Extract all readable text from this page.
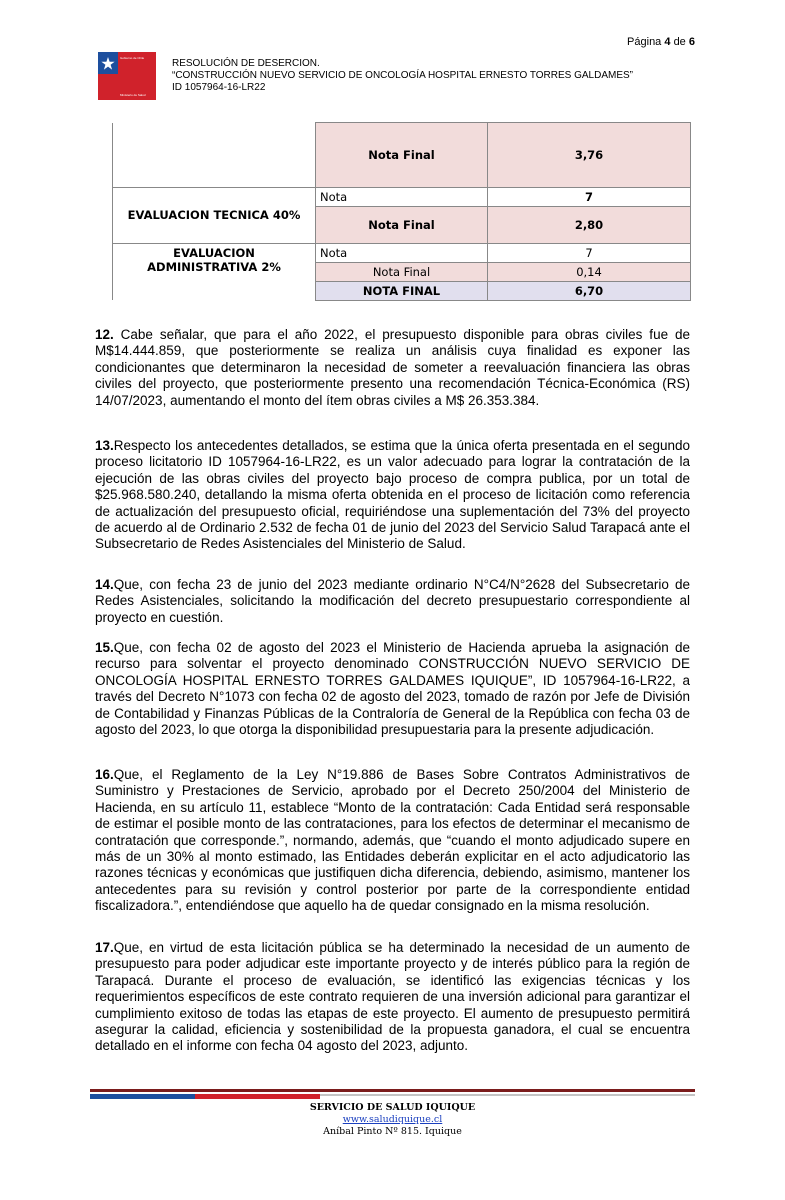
Página 4 de 6
Gobierno de Chile
Ministerio de Salud
RESOLUCIÓN DE DESERCION.
“CONSTRUCCIÓN NUEVO SERVICIO DE ONCOLOGÍA HOSPITAL ERNESTO TORRES GALDAMES”
ID 1057964-16-LR22
	Nota Final	3,76
EVALUACION TECNICA 40%	Nota	7
	Nota Final	2,80
EVALUACION ADMINISTRATIVA 2%	Nota	7
	Nota Final	0,14
	NOTA FINAL	6,70
12. Cabe señalar, que para el año 2022, el presupuesto disponible para obras civiles fue de M$14.444.859, que posteriormente se realiza un análisis cuya finalidad es exponer las condicionantes que determinaron la necesidad de someter a reevaluación financiera las obras civiles del proyecto, que posteriormente presento una recomendación Técnica-Económica (RS) 14/07/2023, aumentando el monto del ítem obras civiles a M$ 26.353.384.
13.Respecto los antecedentes detallados, se estima que la única oferta presentada en el segundo proceso licitatorio ID 1057964-16-LR22, es un valor adecuado para lograr la contratación de la ejecución de las obras civiles del proyecto bajo proceso de compra publica, por un total de $25.968.580.240, detallando la misma oferta obtenida en el proceso de licitación como referencia de actualización del presupuesto oficial, requiriéndose una suplementación del 73% del proyecto de acuerdo al de Ordinario 2.532 de fecha 01 de junio del 2023 del Servicio Salud Tarapacá ante el Subsecretario de Redes Asistenciales del Ministerio de Salud.
14.Que, con fecha 23 de junio del 2023 mediante ordinario N°C4/N°2628 del Subsecretario de Redes Asistenciales, solicitando la modificación del decreto presupuestario correspondiente al proyecto en cuestión.
15.Que, con fecha 02 de agosto del 2023 el Ministerio de Hacienda aprueba la asignación de recurso para solventar el proyecto denominado CONSTRUCCIÓN NUEVO SERVICIO DE ONCOLOGÍA HOSPITAL ERNESTO TORRES GALDAMES IQUIQUE”, ID 1057964-16-LR22, a través del Decreto N°1073 con fecha 02 de agosto del 2023, tomado de razón por Jefe de División de Contabilidad y Finanzas Públicas de la Contraloría de General de la República con fecha 03 de agosto del 2023, lo que otorga la disponibilidad presupuestaria para la presente adjudicación.
16.Que, el Reglamento de la Ley N°19.886 de Bases Sobre Contratos Administrativos de Suministro y Prestaciones de Servicio, aprobado por el Decreto 250/2004 del Ministerio de Hacienda, en su artículo 11, establece “Monto de la contratación: Cada Entidad será responsable de estimar el posible monto de las contrataciones, para los efectos de determinar el mecanismo de contratación que corresponde.”, normando, además, que “cuando el monto adjudicado supere en más de un 30% al monto estimado, las Entidades deberán explicitar en el acto adjudicatorio las razones técnicas y económicas que justifiquen dicha diferencia, debiendo, asimismo, mantener los antecedentes para su revisión y control posterior por parte de la correspondiente entidad fiscalizadora.”, entendiéndose que aquello ha de quedar consignado en la misma resolución.
17.Que, en virtud de esta licitación pública se ha determinado la necesidad de un aumento de presupuesto para poder adjudicar este importante proyecto y de interés público para la región de Tarapacá. Durante el proceso de evaluación, se identificó las exigencias técnicas y los requerimientos específicos de este contrato requieren de una inversión adicional para garantizar el cumplimiento exitoso de todas las etapas de este proyecto. El aumento de presupuesto permitirá asegurar la calidad, eficiencia y sostenibilidad de la propuesta ganadora, el cual se encuentra detallado en el informe con fecha 04 agosto del 2023, adjunto.
SERVICIO DE SALUD IQUIQUE
www.saludiquique.cl
Aníbal Pinto Nº 815. Iquique
